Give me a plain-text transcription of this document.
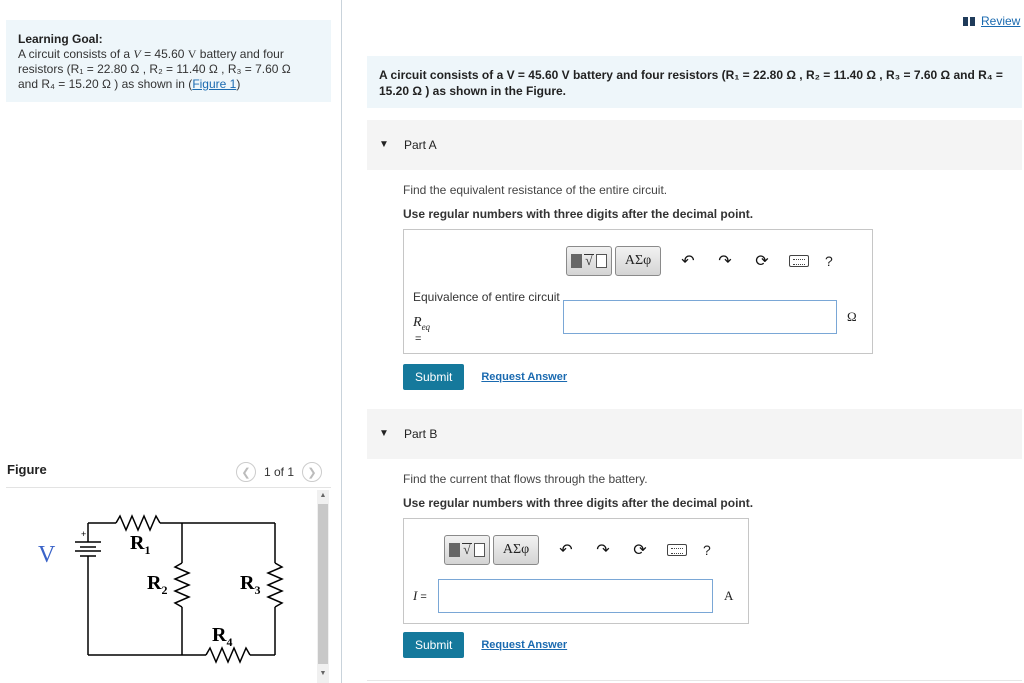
Learning Goal:
A circuit consists of a V = 45.60 V battery and four
resistors (R₁ = 22.80 Ω , R₂ = 11.40 Ω , R₃ = 7.60 Ω
and R₄ = 15.20 Ω ) as shown in (Figure 1)
Figure	❮	1 of 1	❯
+
V	$R_1$
$R_2$	$R_3$
$R_4$
▲
▼
Review
A circuit consists of a V = 45.60 V battery and four resistors (R₁ = 22.80 Ω , R₂ = 11.40 Ω , R₃ = 7.60 Ω and R₄ =
15.20 Ω ) as shown in the Figure.
▼ Part A
Find the equivalent resistance of the entire circuit.
Use regular numbers with three digits after the decimal point.
√	ΑΣφ	↶	↷	⟳	?
Equivalence of entire circuit
$R_{eq}$
=
Ω
Submit	Request Answer
▼ Part B
Find the current that flows through the battery.
Use regular numbers with three digits after the decimal point.
√	ΑΣφ	↶	↷	⟳	?
I =	A
Submit	Request Answer
